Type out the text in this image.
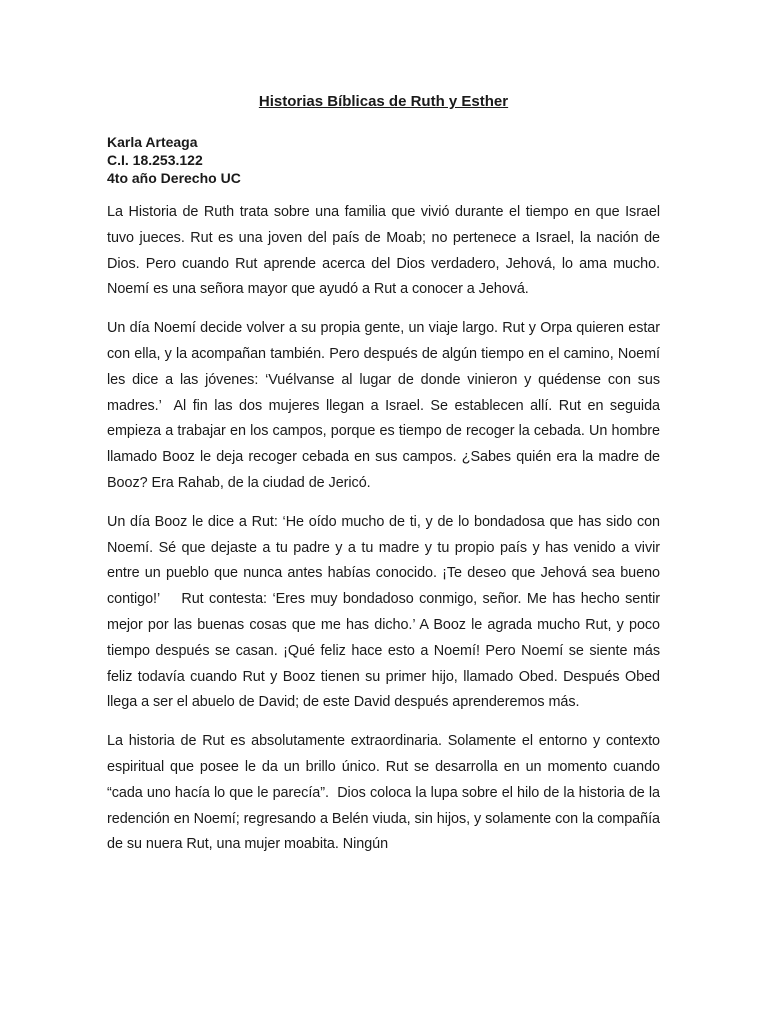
Historias Bíblicas de Ruth y Esther
Karla Arteaga
C.I. 18.253.122
4to año Derecho UC

La Historia de Ruth trata sobre una familia que vivió durante el tiempo en que Israel tuvo jueces. Rut es una joven del país de Moab; no pertenece a Israel, la nación de Dios. Pero cuando Rut aprende acerca del Dios verdadero, Jehová, lo ama mucho. Noemí es una señora mayor que ayudó a Rut a conocer a Jehová.

Un día Noemí decide volver a su propia gente, un viaje largo. Rut y Orpa quieren estar con ella, y la acompañan también. Pero después de algún tiempo en el camino, Noemí les dice a las jóvenes: ‘Vuélvanse al lugar de donde vinieron y quédense con sus madres.’  Al fin las dos mujeres llegan a Israel. Se establecen allí. Rut en seguida empieza a trabajar en los campos, porque es tiempo de recoger la cebada. Un hombre llamado Booz le deja recoger cebada en sus campos. ¿Sabes quién era la madre de Booz? Era Rahab, de la ciudad de Jericó.

Un día Booz le dice a Rut: ‘He oído mucho de ti, y de lo bondadosa que has sido con Noemí. Sé que dejaste a tu padre y a tu madre y tu propio país y has venido a vivir entre un pueblo que nunca antes habías conocido. ¡Te deseo que Jehová sea bueno contigo!’    Rut contesta: ‘Eres muy bondadoso conmigo, señor. Me has hecho sentir mejor por las buenas cosas que me has dicho.’ A Booz le agrada mucho Rut, y poco tiempo después se casan. ¡Qué feliz hace esto a Noemí! Pero Noemí se siente más feliz todavía cuando Rut y Booz tienen su primer hijo, llamado Obed. Después Obed llega a ser el abuelo de David; de este David después aprenderemos más.

La historia de Rut es absolutamente extraordinaria. Solamente el entorno y contexto espiritual que posee le da un brillo único. Rut se desarrolla en un momento cuando “cada uno hacía lo que le parecía”.  Dios coloca la lupa sobre el hilo de la historia de la redención en Noemí; regresando a Belén viuda, sin hijos, y solamente con la compañía de su nuera Rut, una mujer moabita. Ningún
